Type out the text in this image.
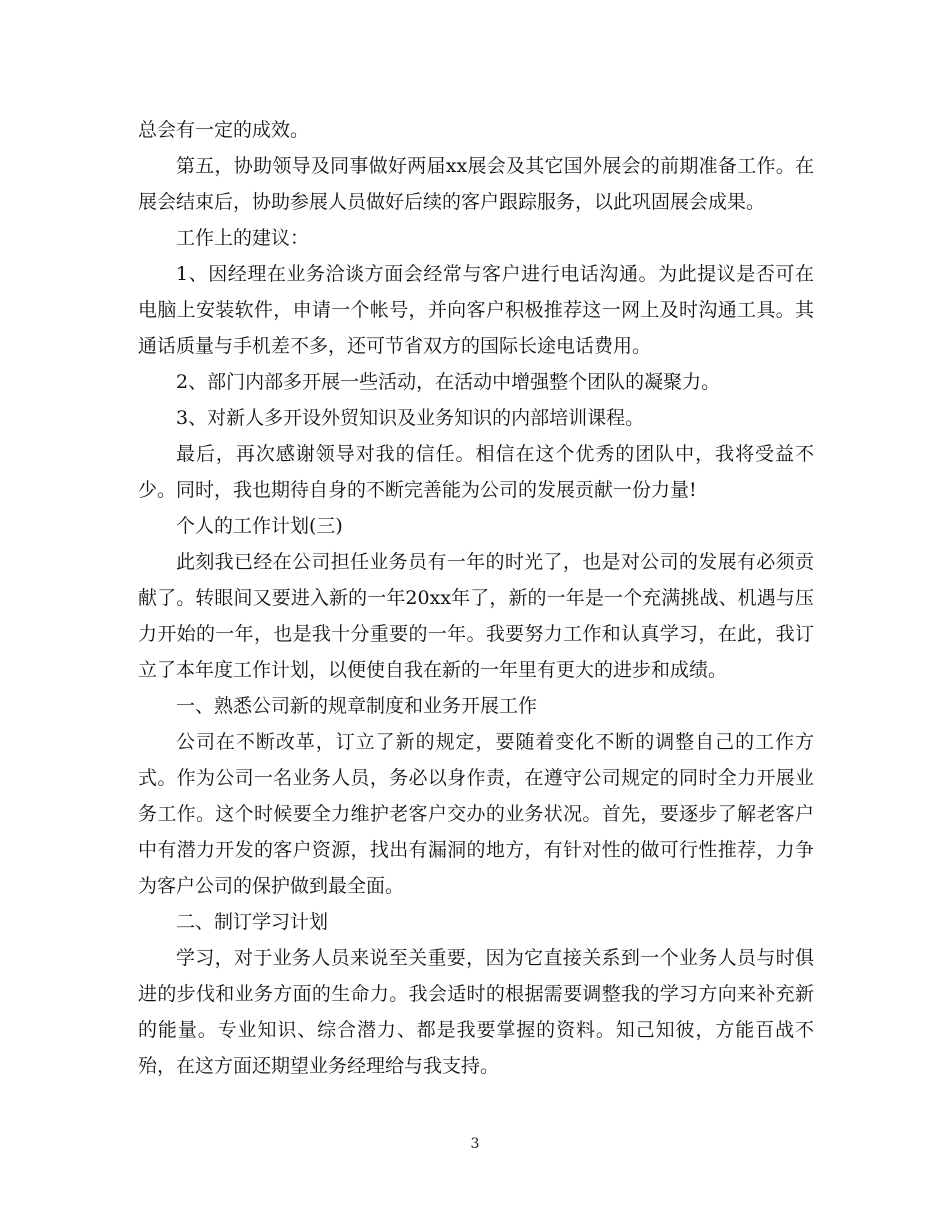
总会有一定的成效。

第五，协助领导及同事做好两届xx展会及其它国外展会的前期准备工作。在展会结束后，协助参展人员做好后续的客户跟踪服务，以此巩固展会成果。

工作上的建议：

1、因经理在业务洽谈方面会经常与客户进行电话沟通。为此提议是否可在电脑上安装软件，申请一个帐号，并向客户积极推荐这一网上及时沟通工具。其通话质量与手机差不多，还可节省双方的国际长途电话费用。

2、部门内部多开展一些活动，在活动中增强整个团队的凝聚力。

3、对新人多开设外贸知识及业务知识的内部培训课程。

最后，再次感谢领导对我的信任。相信在这个优秀的团队中，我将受益不少。同时，我也期待自身的不断完善能为公司的发展贡献一份力量!

个人的工作计划(三)

此刻我已经在公司担任业务员有一年的时光了，也是对公司的发展有必须贡献了。转眼间又要进入新的一年20xx年了，新的一年是一个充满挑战、机遇与压力开始的一年，也是我十分重要的一年。我要努力工作和认真学习，在此，我订立了本年度工作计划，以便使自我在新的一年里有更大的进步和成绩。

一、熟悉公司新的规章制度和业务开展工作

公司在不断改革，订立了新的规定，要随着变化不断的调整自己的工作方式。作为公司一名业务人员，务必以身作责，在遵守公司规定的同时全力开展业务工作。这个时候要全力维护老客户交办的业务状况。首先，要逐步了解老客户中有潜力开发的客户资源，找出有漏洞的地方，有针对性的做可行性推荐，力争为客户公司的保护做到最全面。

二、制订学习计划

学习，对于业务人员来说至关重要，因为它直接关系到一个业务人员与时俱进的步伐和业务方面的生命力。我会适时的根据需要调整我的学习方向来补充新的能量。专业知识、综合潜力、都是我要掌握的资料。知己知彼，方能百战不殆，在这方面还期望业务经理给与我支持。

3
